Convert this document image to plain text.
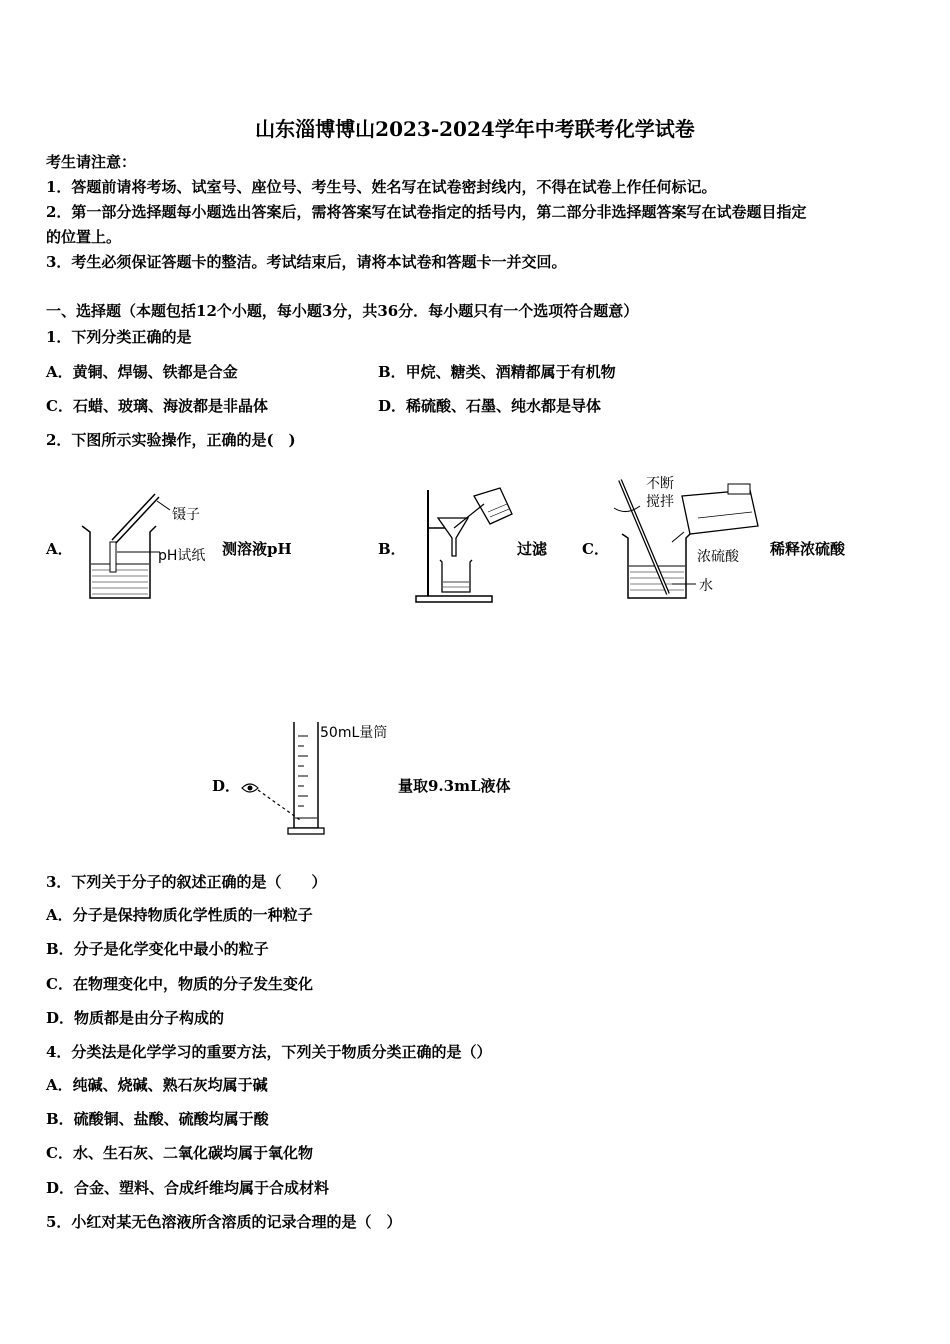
山东淄博博山2023-2024学年中考联考化学试卷
考生请注意：
1．答题前请将考场、试室号、座位号、考生号、姓名写在试卷密封线内，不得在试卷上作任何标记。
2．第一部分选择题每小题选出答案后，需将答案写在试卷指定的括号内，第二部分非选择题答案写在试卷题目指定
的位置上。
3．考生必须保证答题卡的整洁。考试结束后，请将本试卷和答题卡一并交回。
一、选择题（本题包括12个小题，每小题3分，共36分．每小题只有一个选项符合题意）
1．下列分类正确的是
A．黄铜、焊锡、铁都是合金	B．甲烷、糖类、酒精都属于有机物
C．石蜡、玻璃、海波都是非晶体	D．稀硫酸、石墨、纯水都是导体
2．下图所示实验操作，正确的是(　)
A．
镊子
pH试纸 测溶液pH	B．	过滤 C．
不断
搅拌
浓硫酸
水
稀释浓硫酸
D．
50mL量筒
量取9.3mL液体
3．下列关于分子的叙述正确的是（　　）
A．分子是保持物质化学性质的一种粒子
B．分子是化学变化中最小的粒子
C．在物理变化中，物质的分子发生变化
D．物质都是由分子构成的
4．分类法是化学学习的重要方法，下列关于物质分类正确的是（）
A．纯碱、烧碱、熟石灰均属于碱
B．硫酸铜、盐酸、硫酸均属于酸
C．水、生石灰、二氧化碳均属于氧化物
D．合金、塑料、合成纤维均属于合成材料
5．小红对某无色溶液所含溶质的记录合理的是（　）
